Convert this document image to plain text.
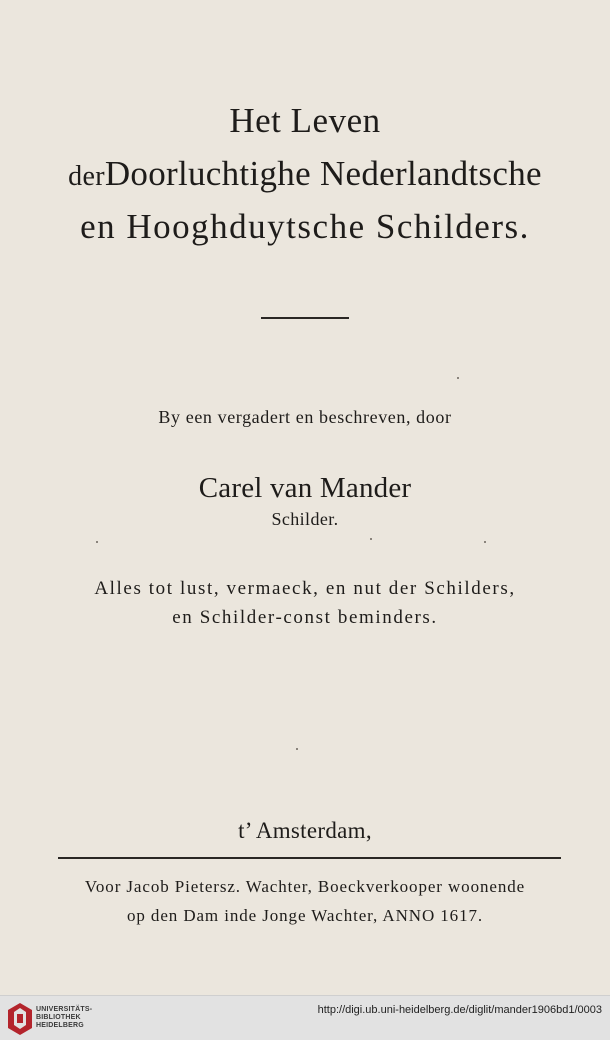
Het Leven
derDoorluchtighe Nederlandtsche
en Hooghduytsche Schilders.
By een vergadert en beschreven, door
Carel van Mander
Schilder.
Alles tot lust, vermaeck, en nut der Schilders,
en Schilder-const beminders.
t’ Amsterdam,
Voor Jacob Pietersz. Wachter, Boeckverkooper woonende
op den Dam inde Jonge Wachter, ANNO 1617.
UNIVERSITÄTS-
BIBLIOTHEK
HEIDELBERG
http://digi.ub.uni-heidelberg.de/diglit/mander1906bd1/0003
